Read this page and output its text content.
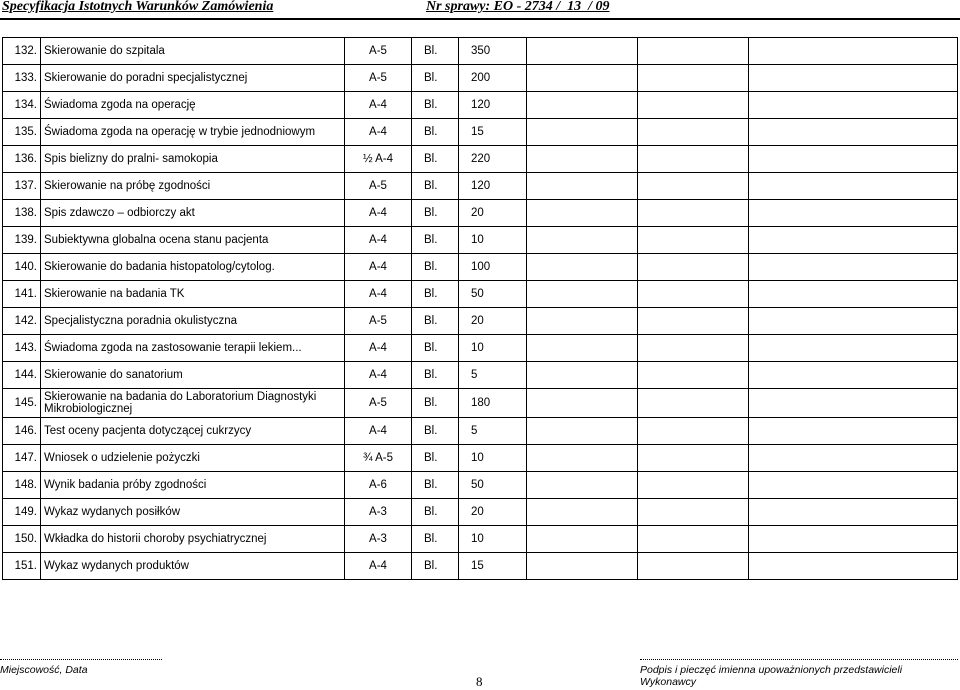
Specyfikacja Istotnych Warunków Zamówienia	Nr sprawy: EO - 2734 /  13  / 09
132.	Skierowanie do szpitala	A-5	Bl.	350			
133.	Skierowanie do poradni specjalistycznej	A-5	Bl.	200			
134.	Świadoma zgoda na operację	A-4	Bl.	120			
135.	Świadoma zgoda na operację w trybie jednodniowym	A-4	Bl.	15			
136.	Spis bielizny do pralni- samokopia	½ A-4	Bl.	220			
137.	Skierowanie na próbę zgodności	A-5	Bl.	120			
138.	Spis zdawczo – odbiorczy akt	A-4	Bl.	20			
139.	Subiektywna globalna ocena stanu pacjenta	A-4	Bl.	10			
140.	Skierowanie do badania histopatolog/cytolog.	A-4	Bl.	100			
141.	Skierowanie na badania TK	A-4	Bl.	50			
142.	Specjalistyczna poradnia okulistyczna	A-5	Bl.	20			
143.	Świadoma zgoda na zastosowanie terapii lekiem...	A-4	Bl.	10			
144.	Skierowanie do sanatorium	A-4	Bl.	5			
145.	Skierowanie na badania do Laboratorium Diagnostyki Mikrobiologicznej	A-5	Bl.	180			
146.	Test oceny pacjenta dotyczącej cukrzycy	A-4	Bl.	5			
147.	Wniosek o udzielenie pożyczki	¾ A-5	Bl.	10			
148.	Wynik badania próby zgodności	A-6	Bl.	50			
149.	Wykaz wydanych posiłków	A-3	Bl.	20			
150.	Wkładka do historii choroby psychiatrycznej	A-3	Bl.	10			
151.	Wykaz wydanych produktów	A-4	Bl.	15			
Miejscowość, Data	Podpis i pieczęć imienna upoważnionych przedstawicieli Wykonawcy
8
